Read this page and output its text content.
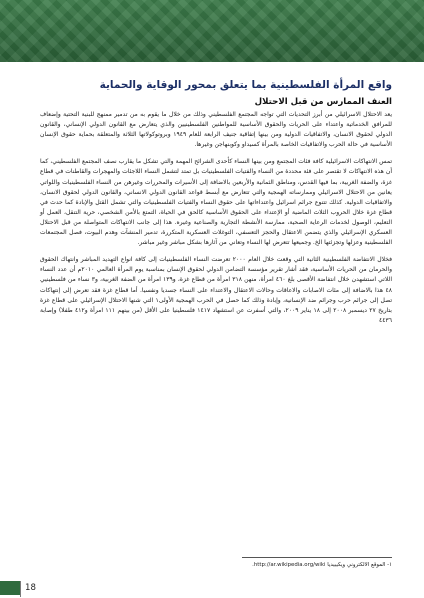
واقع المرأة الفلسطينية بما يتعلق بمحور الوقاية والحماية
العنف الممارس من قبل الاحتلال

يعد الاحتلال الاسرائيلي من أبرز التحديات التي تواجه المجتمع الفلسطيني وذلك من خلال ما يقوم به من تدمير ممنهج للبنية التحتية وإضعاف للمرافق الخدماتية واعتداء على الحريات والحقوق الأساسية للمواطنين الفلسطينيين والذي يتعارض مع القانون الدولي الإنساني، والقانون الدولي لحقوق الانسان، والاتفاقيات الدولية ومن بينها إتفاقية جنيف الرابعة للعام ١٩٤٩ وبروتوكولاتها الثلاثة والمتعلقة بحماية حقوق الإنسان الأساسية في حالة الحرب والاتفاقيات الخاصة بالمرأة كسيداو وكوبنهاجن وغيرها.

تمس الانتهاكات الاسرائيلية كافة فئات المجتمع ومن بينها النساء كأحدى الشرائح المهمة والتي تشكل ما يقارب نصف المجتمع الفلسطيني، كما أن هذه الانتهاكات لا تقتصر على فئة محددة من النساء والفتيات الفلسطينيات بل تمتد لتشمل النساء اللاجئات والمهجرات والقاطنات في قطاع غزة، والضفة الغربية، بما فيها القدس، ومناطق الثمانية والأربعين بالاضافة إلى الأسيرات والمحررات وغيرهن من النساء الفلسطينيات واللواتي يعانين من الاحتلال الاسرائيلي وممارساته الهمجية والتي تتعارض مع أبسط قواعد القانون الدولي الانساني، والقانون الدولي لحقوق الانسان، والاتفاقيات الدولية. كذلك تتنوع جرائم اسرائيل واعتداءاتها على حقوق النساء والفتيات الفلسطينيات والتي تشمل القتل والإبادة كما حدث في قطاع غزة خلال الحروب الثلاث الماضية أو الإعتداء على الحقوق الأساسية كالحق في الحياة، التمتع بالأمن الشخصي، حرية التنقل، العمل أو التعليم، الوصول لخدمات الرعاية الصحية، ممارسة الأنشطة التجارية والصناعية وغيره. هذا إلى جانب الانتهاكات المتواصلة من قبل الاحتلال العسكري الإسرائيلي والذي يتضمن الاعتقال والحجز التعسفي، التوغلات العسكرية المتكررة، تدمير المنشآت وهدم البيوت، فصل المجتمعات الفلسطينية وعزلها وتجزئتها الخ. وجميعها تتعرض لها النساء وتعاني من آثارها بشكل مباشر وغير مباشر.

فخلال الانتفاضة الفلسطينية الثانية التي وقعت خلال العام ٢٠٠٠ تعرضت النساء الفلسطينيات إلى كافة انواع التهديد المباشر وانتهاك الحقوق والحرمان من الحريات الأساسية، فقد أشار تقرير مؤسسة التضامن الدولي لحقوق الإنسان بمناسبة يوم المرأة العالمي ٢٠١٠م أن عدد النساء اللاتي استشهدن خلال انتفاضة الأقصى بلغ ٤٦٠ امرأة، منهن ٣١٨ امرأة من قطاع غزة، و١٣٩ امرأة من الضفة الغربية، و٣ نساء من فلسطينيي ٤٨ هذا بالاضافة إلى مئات الاصابات والاعاقات وحالات الاعتقال والاعتداء على النساء جسديا ونفسيا. أما قطاع غزة فقد تعرض إلى إنتهاكات تصل إلى جرائم حرب وجرائم ضد الإنسانية، وإبادة وذلك كما حصل في الحرب الهمجية الأولى١ التي شنها الاحتلال الإسرائيلي على قطاع غزة بتاريخ ٢٧ ديسمبر ٢٠٠٨ إلى ١٨ يناير ٢٠٠٩، والتي أسفرت عن استشهاد ١٤١٧ فلسطينيا على الأقل (من بينهم ١١١ امرأة و٤١٢ طفلا) وإصابة ٤٤٣٦

١- الموقع الالكتروني ويكيبيديا http://ar.wikipedia.org/wiki.
18
